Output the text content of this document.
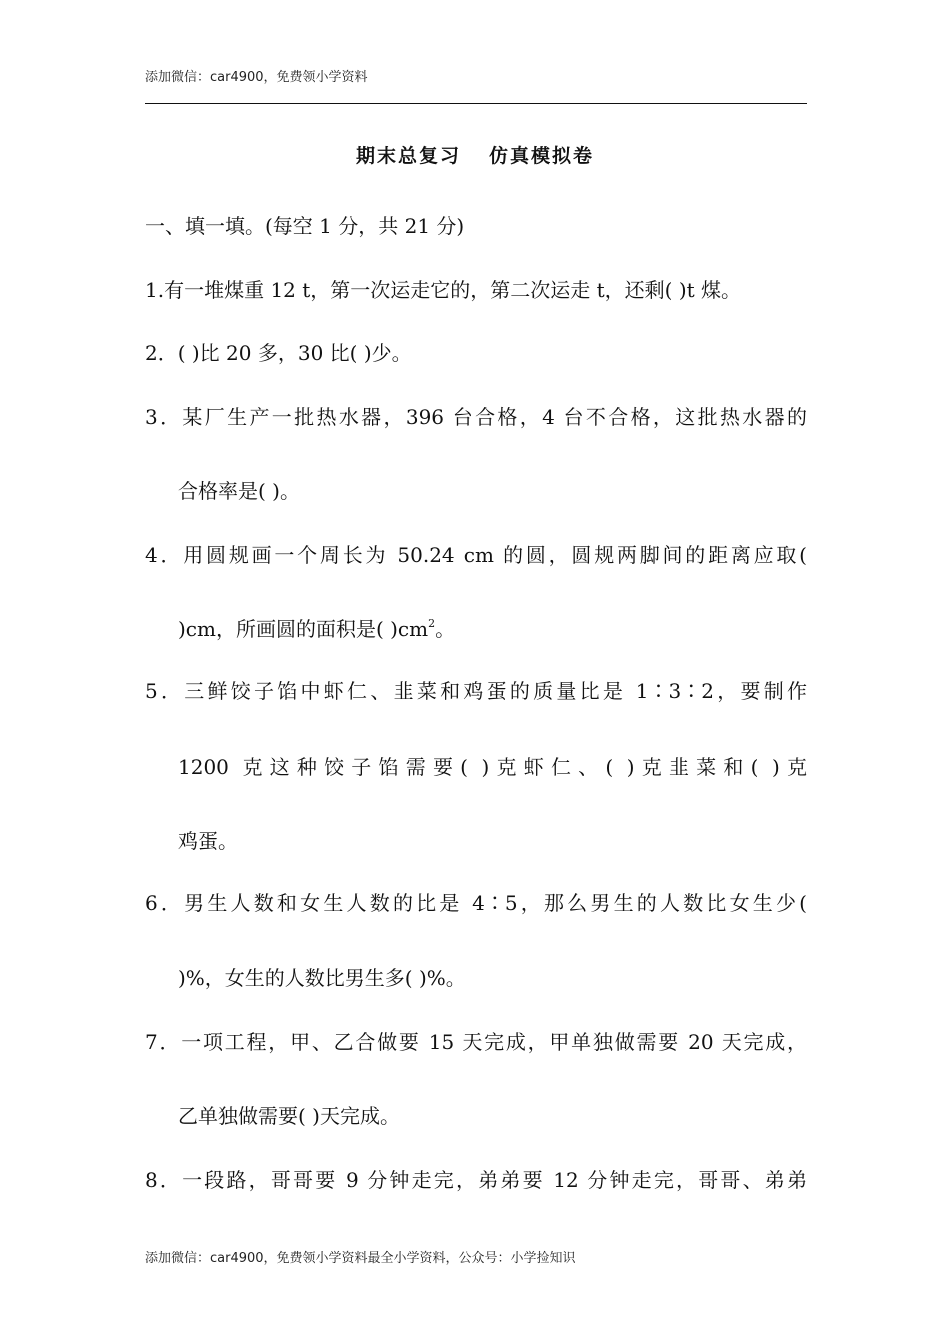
添加微信：car4900，免费领小学资料
期末总复习 仿真模拟卷
一、填一填。(每空 1 分，共 21 分)
1.有一堆煤重 12 t，第一次运走它的，第二次运走 t，还剩( )t 煤。
2．( )比 20 多，30 比( )少。
3．某厂生产一批热水器，396 台合格，4 台不合格，这批热水器的
合格率是( )。
4．用圆规画一个周长为 50.24 cm 的圆，圆规两脚间的距离应取(
)cm，所画圆的面积是( )$cm^2$。
5．三鲜饺子馅中虾仁、韭菜和鸡蛋的质量比是 1∶3∶2，要制作
1200 克这种饺子馅需要( )克虾仁、( )克韭菜和( )克
鸡蛋。
6．男生人数和女生人数的比是 4∶5，那么男生的人数比女生少(
)%，女生的人数比男生多( )%。
7．一项工程，甲、乙合做要 15 天完成，甲单独做需要 20 天完成，
乙单独做需要( )天完成。
8．一段路，哥哥要 9 分钟走完，弟弟要 12 分钟走完，哥哥、弟弟
添加微信：car4900，免费领小学资料最全小学资料，公众号：小学捡知识
